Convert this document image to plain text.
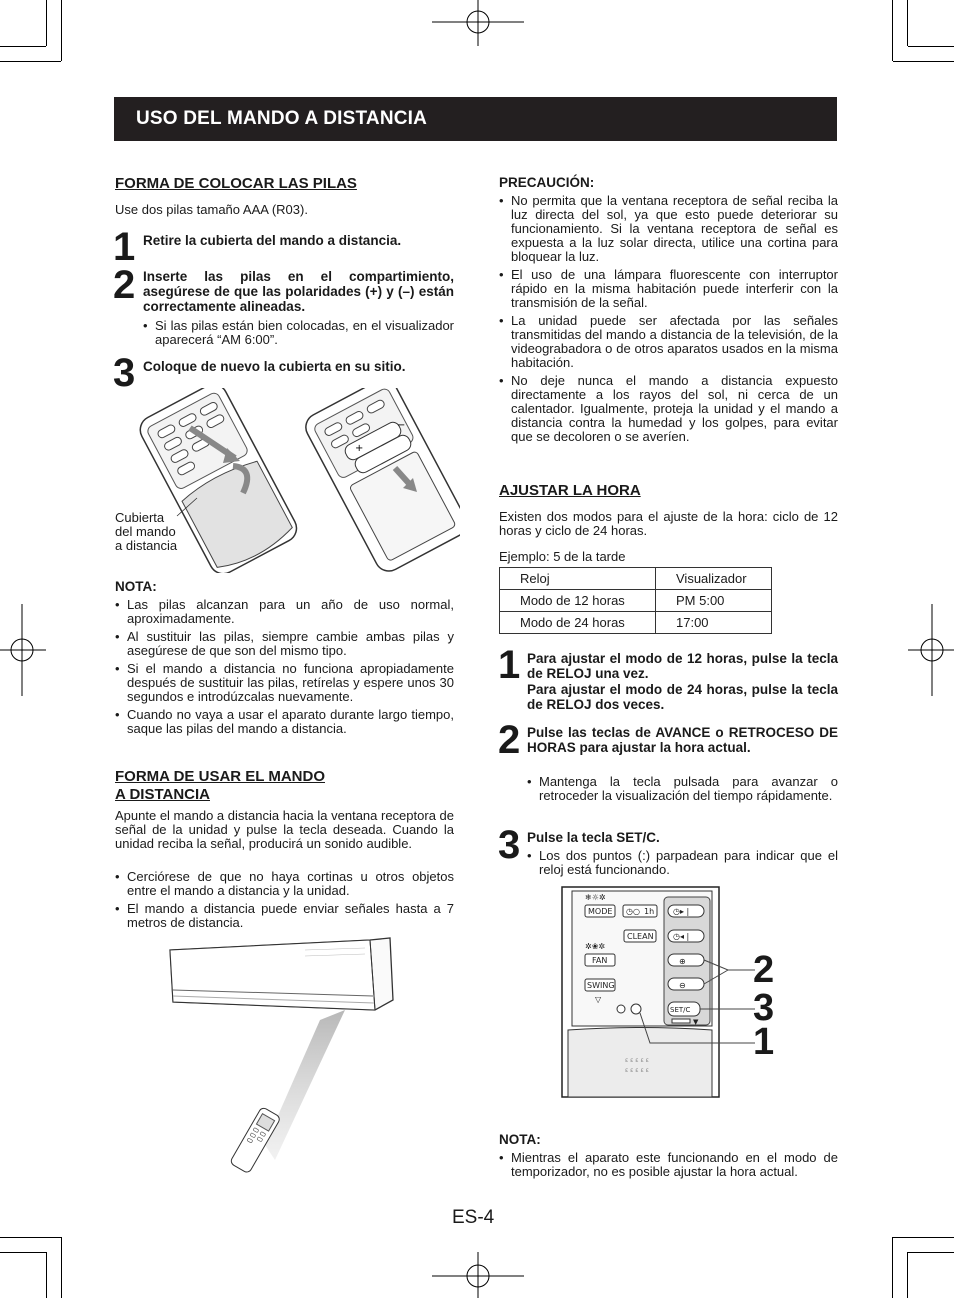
USO DEL MANDO A DISTANCIA
FORMA DE COLOCAR LAS PILAS
Use dos pilas tamaño AAA (R03).
1 Retire la cubierta del mando a distancia.
2 Inserte las pilas en el compartimiento, asegúrese de que las polaridades (+) y (–) están correctamente alineadas.
• Si las pilas están bien colocadas, en el visualizador aparecerá “AM 6:00”.
3 Coloque de nuevo la cubierta en su sitio.
+
−
Cubierta
del mando
a distancia
NOTA:
• Las pilas alcanzan para un año de uso normal, aproximadamente.
• Al sustituir las pilas, siempre cambie ambas pilas y asegúrese de que son del mismo tipo.
• Si el mando a distancia no funciona apropiadamente después de sustituir las pilas, retírelas y espere unos 30 segundos e introdúzcalas nuevamente.
• Cuando no vaya a usar el aparato durante largo tiempo, saque las pilas del mando a distancia.
FORMA DE USAR EL MANDO
A DISTANCIA
Apunte el mando a distancia hacia la ventana receptora de señal de la unidad y pulse la tecla deseada. Cuando la unidad reciba la señal, producirá un sonido audible.
• Cerciórese de que no haya cortinas u otros objetos entre el mando a distancia y la unidad.
• El mando a distancia puede enviar señales hasta a 7 metros de distancia.
PRECAUCIÓN:
• No permita que la ventana receptora de señal reciba la luz directa del sol, ya que esto puede deteriorar su funcionamiento. Si la ventana receptora de señal es expuesta a la luz solar directa, utilice una cortina para bloquear la luz.
• El uso de una lámpara fluorescente con interruptor rápido en la misma habitación puede interferir con la transmisión de la señal.
• La unidad puede ser afectada por las señales transmitidas del mando a distancia de la televisión, de la videograbadora o de otros aparatos usados en la misma habitación.
• No deje nunca el mando a distancia expuesto directamente a los rayos del sol, ni cerca de un calentador. Igualmente, proteja la unidad y el mando a distancia contra la humedad y los golpes, para evitar que se decoloren o se averíen.
AJUSTAR LA HORA
Existen dos modos para el ajuste de la hora: ciclo de 12 horas y ciclo de 24 horas.
Ejemplo: 5 de la tarde
Reloj	Visualizador
Modo de 12 horas	PM 5:00
Modo de 24 horas	17:00
1 Para ajustar el modo de 12 horas, pulse la tecla de RELOJ una vez.
Para ajustar el modo de 24 horas, pulse la tecla de RELOJ dos veces.
2 Pulse las teclas de AVANCE o RETROCESO DE HORAS para ajustar la hora actual.
• Mantenga la tecla pulsada para avanzar o retroceder la visualización del tiempo rápidamente.
3 Pulse la tecla SET/C.
• Los dos puntos (:) parpadean para indicar que el reloj está funcionando.
❄☼✲
MODE ◷○ 1h
CLEAN
✲❀✲
FAN
SWING
▽
◷▸ |
◷◂ |
⊕
⊖
SET/C
▼
ε ε ε ε ε
ε ε ε ε ε
2
3
1
NOTA:
• Mientras el aparato este funcionando en el modo de temporizador, no es posible ajustar la hora actual.
ES-4
